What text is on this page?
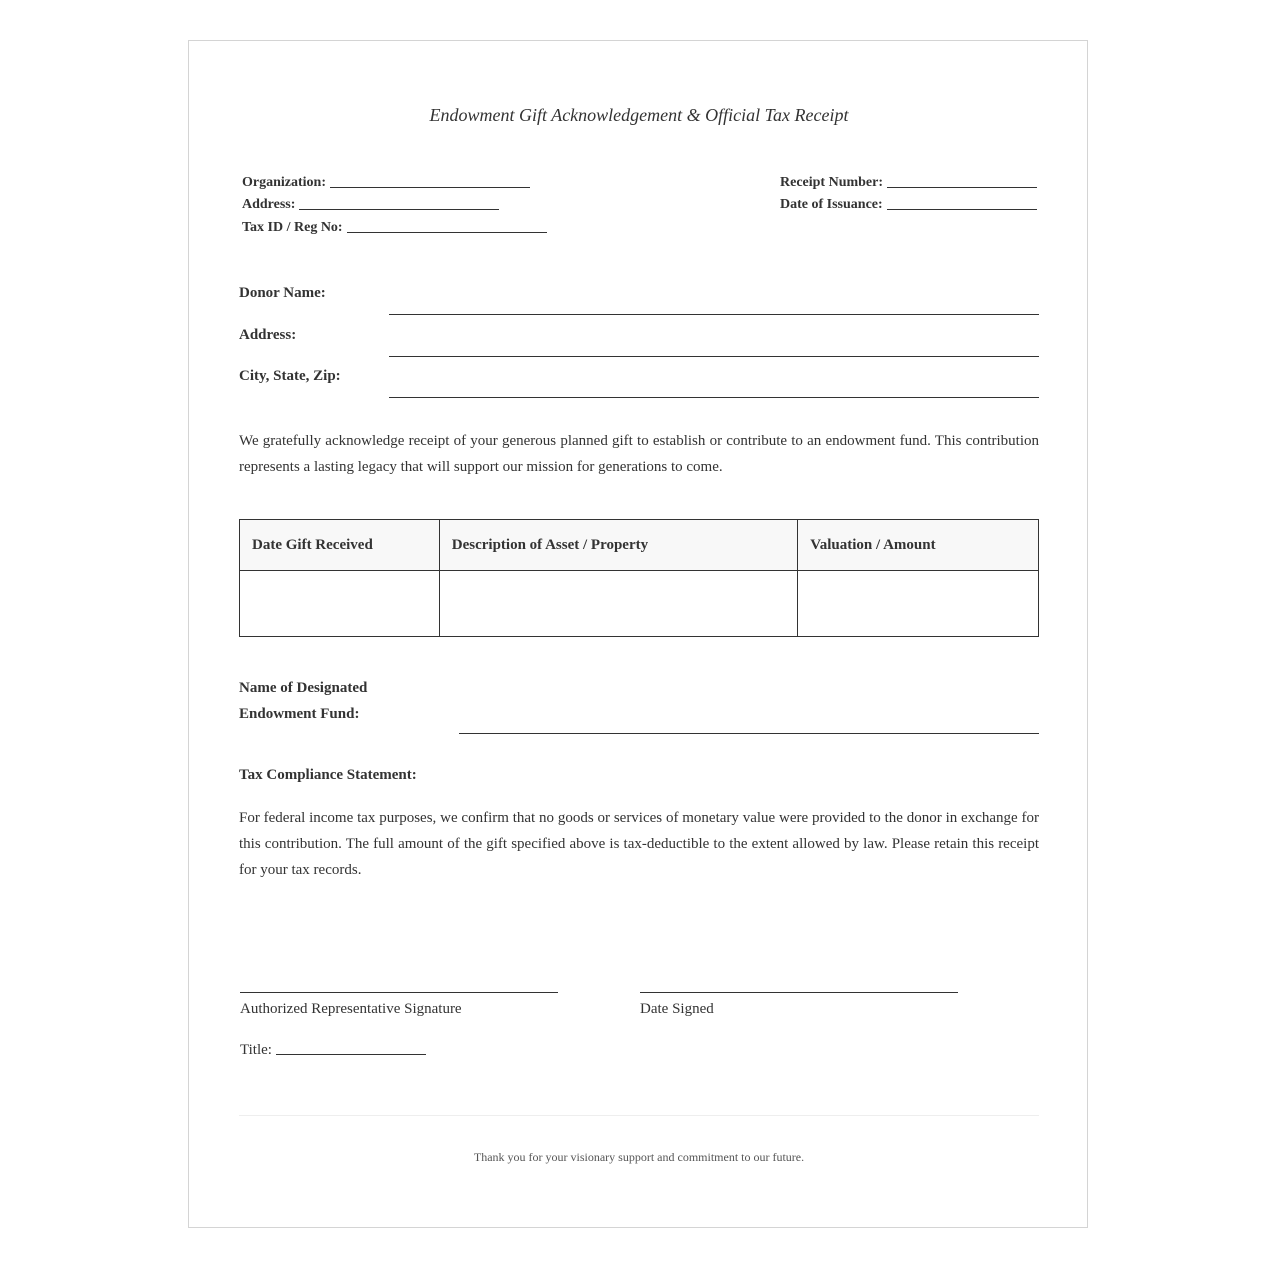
Endowment Gift Acknowledgement & Official Tax Receipt
Organization:
Address:
Tax ID / Reg No:
Receipt Number:
Date of Issuance:
Donor Name:
Address:
City, State, Zip:
We gratefully acknowledge receipt of your generous planned gift to establish or contribute to an endowment fund. This contribution represents a lasting legacy that will support our mission for generations to come.
Date Gift Received	Description of Asset / Property	Valuation / Amount

Name of Designated
Endowment Fund:
Tax Compliance Statement:
For federal income tax purposes, we confirm that no goods or services of monetary value were provided to the donor in exchange for this contribution. The full amount of the gift specified above is tax-deductible to the extent allowed by law. Please retain this receipt for your tax records.
Authorized Representative Signature	Date Signed
Title:
Thank you for your visionary support and commitment to our future.
